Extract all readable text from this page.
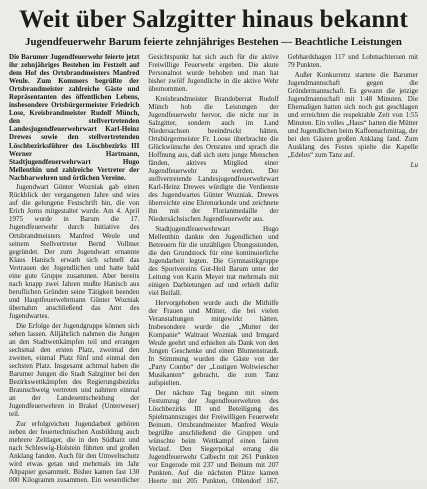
Weit über Salzgitter hinaus bekannt
Jugendfeuerwehr Barum feierte zehnjähriges Bestehen — Beachtliche Leistungen

Die Barumer Jugendfeuerwehr feierte jetzt ihr zehnjähriges Bestehen im Festzelt auf dem Hof des Ortsbrandmeisters Manfred Weule. Zum Kommers begrüßte der Ortsbrandmeister zahlreiche Gäste und Repräsentanten des öffentlichen Lebens, insbesondere Ortsbürgermeister Friedrich Lose, Kreisbrandmeister Rudolf Münch, den stellvertretenden Landesjugendfeuerwehrwart Karl-Heinz Drewes sowie den stellvertretenden Löschbezirksführer des Löschbezirks III Werner Hartmann, Stadtjugendfeuerwehrwart Hugo Mellenthin und zahlreiche Vertreter der Nachbarwehren und örtlichen Vereine.

Jugendwart Günter Wozniak gab einen Rückblick der vergangenen Jahre und wies auf die gelungene Festschrift hin, die von Erich Jorns mitgestaltet wurde. Am 4. April 1975 wurde in Barum die 17. Jugendfeuerwehr durch Initiative des Ortsbrandmeisters Manfred Weule und seinem Stellvertreter Bernd Vollmer gegründet. Der zum Jugendwart ernannte Klaus Hanisch erwarb sich schnell das Vertrauen der Jugendlichen und hatte bald eine gute Gruppe zusammen. Aber bereits nach knapp zwei Jahren mußte Hanisch aus beruflichen Gründen seine Tätigkeit beenden und Hauptfeuerwehrmann Günter Wozniak übernahm anschließend das Amt des Jugendwartes.

Die Erfolge der Jugendgruppe können sich sehen lassen. Alljährlich nahmen die Jungen an den Stadtwettkämpfen teil und errangen sechsmal den ersten Platz, zweimal den zweiten, einmal Platz fünf und einmal den sechsten Platz. Insgesamt achtmal haben die Barumer Jungen die Stadt Salzgitter bei den Bezirkswettkämpfen des Regierungsbezirks Braunschweig vertreten und nahmen einmal an der Landesentscheidung der Jugendfeuerwehren in Brakel (Unterweser) teil.

Zur erfolgreichen Jugendarbeit gehören neben der feuertechnischen Ausbildung auch mehrere Zeltlager, die in den Südharz und nach Schleswig-Holstein führten und großen Anklang fanden. Auch für den Umweltschutz wird etwas getan und mehrmals im Jahr Altpapier gesammelt. Bisher kamen fast 130 000 Kilogramm zusammen. Ein wesentlicher Gesichtspunkt hat sich auch für die aktive Freiwillige Feuerwehr ergeben. Die akute Personalnot wurde behoben und man hat bisher zwölf Jugendliche in die aktive Wehr übernommen.

Kreisbrandmeister Brandoberrat Rudolf Münch hob die Leistungen der Jugendfeuerwehr hervor, die nicht nur in Salzgitter, sondern auch im Land Niedersachsen beeindruckt hätten. Ortsbürgermeister Fr. Loose überbrachte die Glückwünsche des Ortsrates und sprach die Hoffnung aus, daß sich stets junge Menschen fänden, aktives Mitglied einer Jugendfeuerwehr zu werden. Der stellvertretende Landesjugendfeuerwehrwart Karl-Heinz Drewes würdigte die Verdienste des Jugendwartes Günter Wozniak. Drewes überreichte eine Ehrenurkunde und zeichnete ihn mit der Florianmedaille der Niedersächsischen Jugendfeuerwehr aus.

Stadtjugendfeuerwehrwart Hugo Mellenthin dankte den Jugendlichen und Betreuern für die unzähligen Übungsstunden, die den Grundstock für eine kontinuierliche Jugendarbeit legten. Die Gymnastikgruppe des Sportvereins Gut-Heil Barum unter der Leitung von Karin Meyer trat mehrmals mit einigen Darbietungen auf und erhielt dafür viel Beifall.

Hervorgehoben wurde auch die Mithilfe der Frauen und Mütter, die bei vielen Veranstaltungen mitgewirkt hätten. Insbesondere wurde die „Mutter der Kompanie“ Waltraut Wozniak und Irmgard Weule geehrt und erhielten als Dank von den Jungen Geschenke und einen Blumenstrauß. In Stimmung wurden die Gäste von der „Party Combo“ der „Lustigen Woltwiescher Musikanten“ gebracht, die zum Tanz aufspielten.

Der nächste Tag begann mit einem Festumzug der Jugendfeuerwehren des Löschbezirks III und Beteiligung des Spielmannszuges der Freiwilligen Feuerwehr Beinum. Ortsbrandmeister Manfred Weule begrüßte anschließend die Gruppen und wünschte beim Wettkampf einen fairen Verlauf. Den Siegerpokal errang die Jugendfeuerwehr Calbecht mit 261 Punkten vor Engerode mit 237 und Beinum mit 207 Punkten. Auf die nächsten Plätze kamen Heerte mit 205 Punkten, Ohlendorf 167, Gebhardshagen 117 und Lobmachtersen mit 79 Punkten.

Außer Konkurrenz startete die Barumer Jugendmannschaft gegen die Gründermannschaft. Es gewann die jetzige Jugendmannschaft mit 1:48 Minuten. Die Ehemaligen hatten sich noch gut geschlagen und erreichten die respektable Zeit von 1:55 Minuten. Ein volles „Haus“ hatten die Mütter und Jugendlichen beim Kaffeenachmittag, der bei den Gästen großen Anklang fand. Zum Ausklang des Festes spielte die Kapelle „Edelos“ zum Tanz auf.

Lu
